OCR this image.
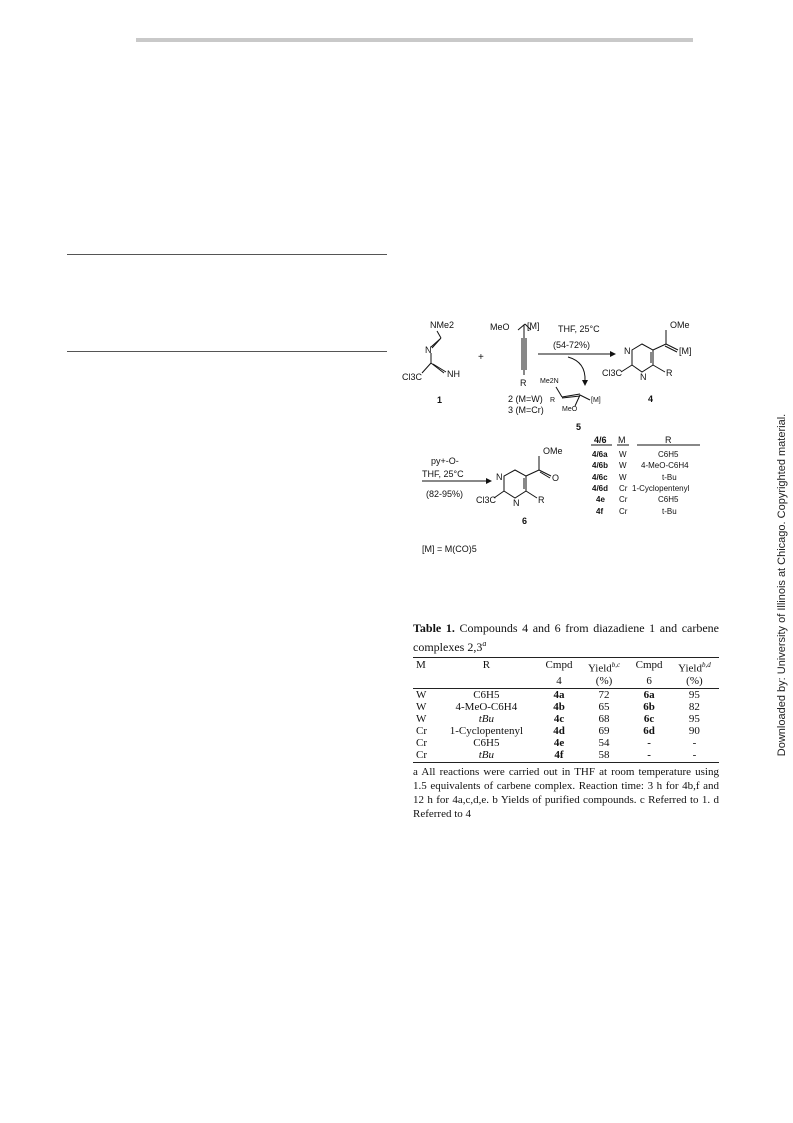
Downloaded by: University of Illinois at Chicago. Copyrighted material.
NMe2
N
NH
Cl3C
1
+
MeO [M]
R
2 (M=W)
3 (M=Cr)
THF, 25°C
(54-72%)
Me2N
R	[M]
MeO
5
OMe
[M]
N
N
Cl3C	R
4
py+-O-
THF, 25°C
(82-95%)
OMe
O
N
N
Cl3C	R
6
4/6 M	R
4/6a W	C6H5
4/6b W 4-MeO-C6H4
4/6c W	t-Bu
4/6d Cr 1-Cyclopentenyl
4e Cr	C6H5
4f Cr	t-Bu
[M] = M(CO)5
Table 1. Compounds 4 and 6 from diazadiene 1 and carbene complexes 2,3$^a$
M	R	Cmpd	Yield$^{b,c}$	Cmpd	Yield$^{b,d}$
		4	(%)	6	(%)
W	C6H5	4a	72	6a	95
W	4-MeO-C6H4	4b	65	6b	82
W	tBu	4c	68	6c	95
Cr	1-Cyclopentenyl	4d	69	6d	90
Cr	C6H5	4e	54	-	-
Cr	tBu	4f	58	-	-
a All reactions were carried out in THF at room temperature using 1.5 equivalents of carbene complex. Reaction time: 3 h for 4b,f and 12 h for 4a,c,d,e. b Yields of purified compounds. c Referred to 1. d Referred to 4
